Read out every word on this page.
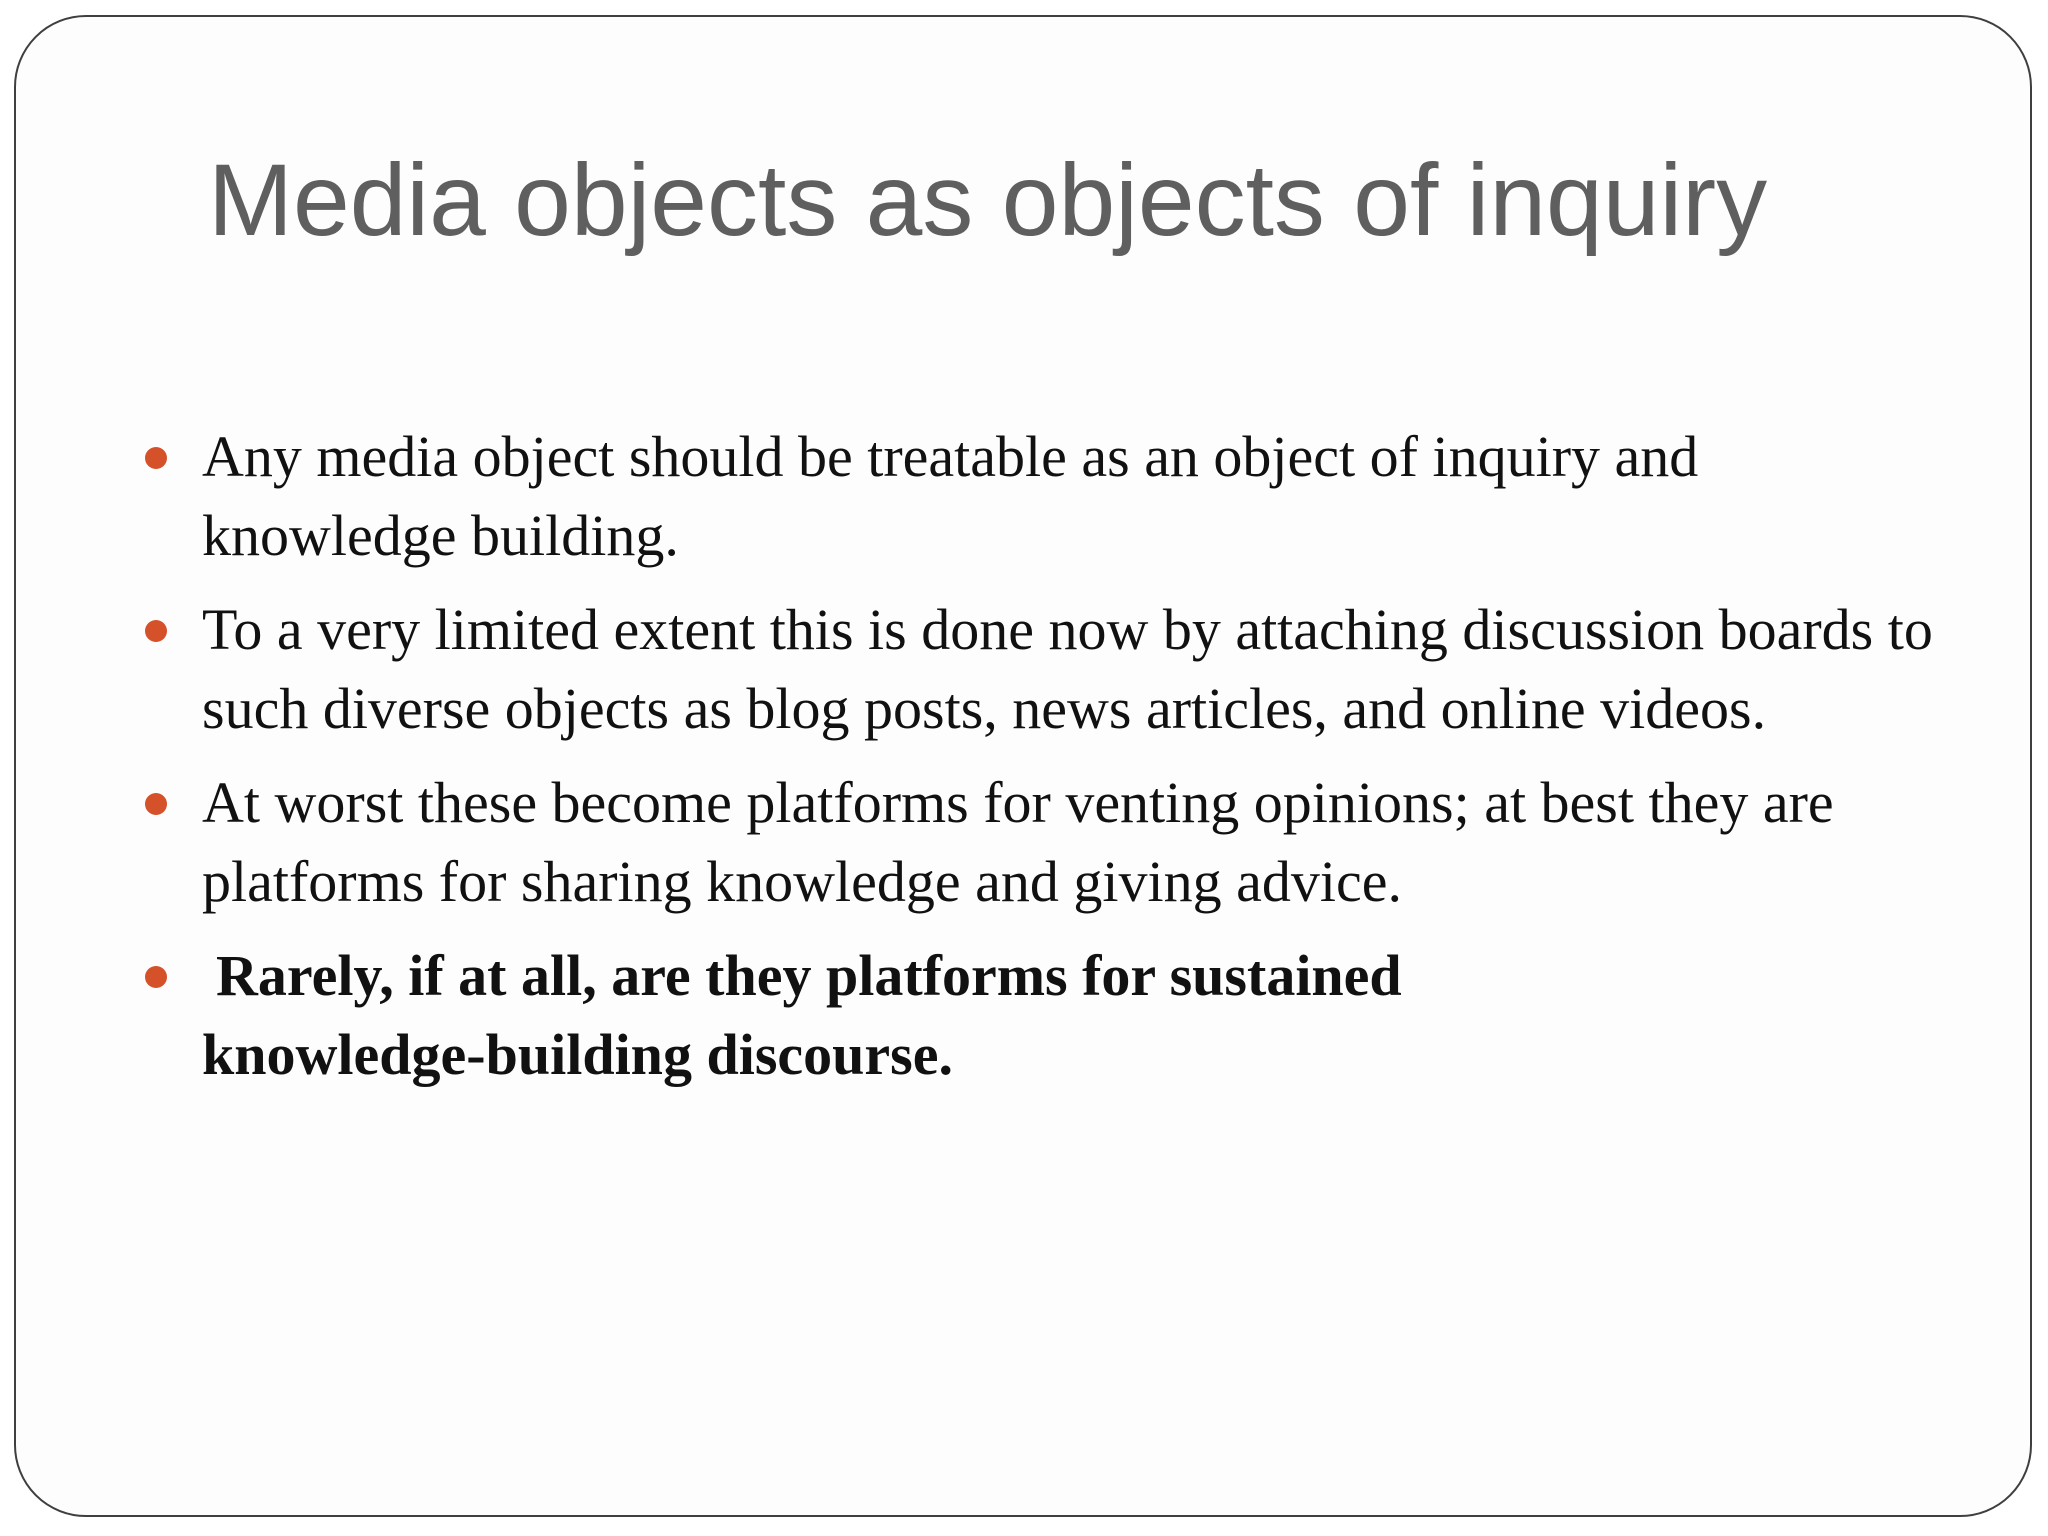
Media objects as objects of inquiry
Any media object should be treatable as an object of inquiry and knowledge building.
To a very limited extent this is done now by attaching discussion boards to such diverse objects as blog posts, news articles, and online videos.
At worst these become platforms for venting opinions; at best they are platforms for sharing knowledge and giving advice.
Rarely, if at all, are they platforms for sustained
knowledge-building discourse.
